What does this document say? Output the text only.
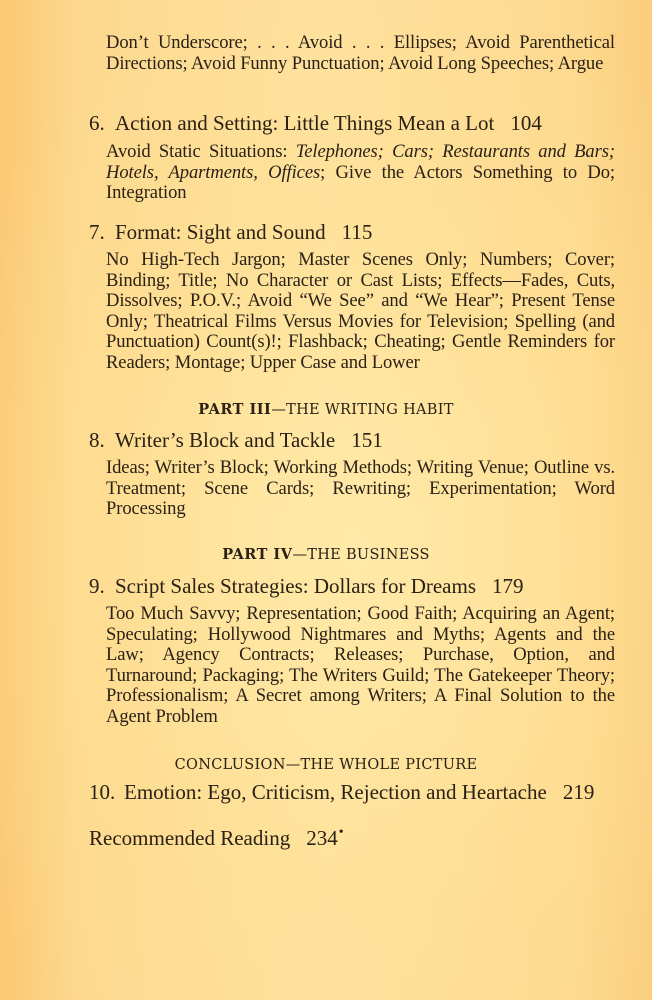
Don’t Underscore; . . . Avoid . . . Ellipses; Avoid Parenthetical Directions; Avoid Funny Punctuation; Avoid Long Speeches; Argue
6. Action and Setting: Little Things Mean a Lot 104
Avoid Static Situations: Telephones; Cars; Restaurants and Bars; Hotels, Apartments, Offices; Give the Actors Something to Do; Integration
7. Format: Sight and Sound 115
No High-Tech Jargon; Master Scenes Only; Numbers; Cover; Binding; Title; No Character or Cast Lists; Effects—Fades, Cuts, Dissolves; P.O.V.; Avoid “We See” and “We Hear”; Present Tense Only; Theatrical Films Versus Movies for Television; Spelling (and Punctuation) Count(s)!; Flashback; Cheating; Gentle Reminders for Readers; Montage; Upper Case and Lower
PART III—THE WRITING HABIT
8. Writer’s Block and Tackle 151
Ideas; Writer’s Block; Working Methods; Writing Venue; Outline vs. Treatment; Scene Cards; Rewriting; Experimentation; Word Processing
PART IV—THE BUSINESS
9. Script Sales Strategies: Dollars for Dreams 179
Too Much Savvy; Representation; Good Faith; Acquiring an Agent; Speculating; Hollywood Nightmares and Myths; Agents and the Law; Agency Contracts; Releases; Purchase, Option, and Turnaround; Packaging; The Writers Guild; The Gatekeeper Theory; Professionalism; A Secret among Writers; A Final Solution to the Agent Problem
CONCLUSION—THE WHOLE PICTURE
10. Emotion: Ego, Criticism, Rejection and Heartache 219
Recommended Reading 234•
